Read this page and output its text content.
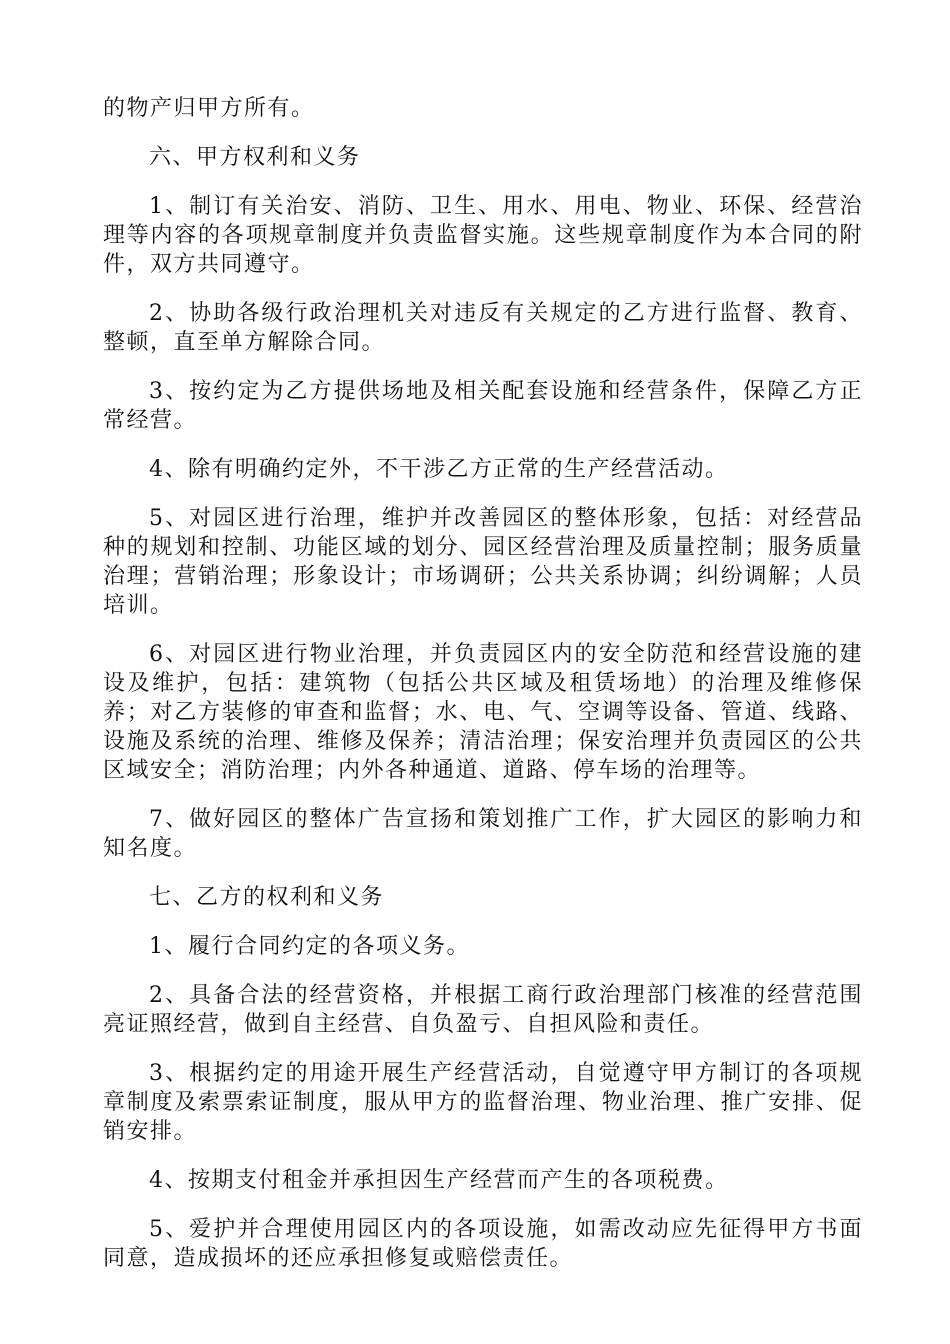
的物产归甲方所有。

六、甲方权利和义务

1、制订有关治安、消防、卫生、用水、用电、物业、环保、经营治理等内容的各项规章制度并负责监督实施。这些规章制度作为本合同的附件，双方共同遵守。

2、协助各级行政治理机关对违反有关规定的乙方进行监督、教育、整顿，直至单方解除合同。

3、按约定为乙方提供场地及相关配套设施和经营条件，保障乙方正常经营。

4、除有明确约定外，不干涉乙方正常的生产经营活动。

5、对园区进行治理，维护并改善园区的整体形象，包括：对经营品种的规划和控制、功能区域的划分、园区经营治理及质量控制；服务质量治理；营销治理；形象设计；市场调研；公共关系协调；纠纷调解；人员培训。

6、对园区进行物业治理，并负责园区内的安全防范和经营设施的建设及维护，包括：建筑物（包括公共区域及租赁场地）的治理及维修保养；对乙方装修的审查和监督；水、电、气、空调等设备、管道、线路、设施及系统的治理、维修及保养；清洁治理；保安治理并负责园区的公共区域安全；消防治理；内外各种通道、道路、停车场的治理等。

7、做好园区的整体广告宣扬和策划推广工作，扩大园区的影响力和知名度。

七、乙方的权利和义务

1、履行合同约定的各项义务。

2、具备合法的经营资格，并根据工商行政治理部门核准的经营范围亮证照经营，做到自主经营、自负盈亏、自担风险和责任。

3、根据约定的用途开展生产经营活动，自觉遵守甲方制订的各项规章制度及索票索证制度，服从甲方的监督治理、物业治理、推广安排、促销安排。

4、按期支付租金并承担因生产经营而产生的各项税费。

5、爱护并合理使用园区内的各项设施，如需改动应先征得甲方书面同意，造成损坏的还应承担修复或赔偿责任。
